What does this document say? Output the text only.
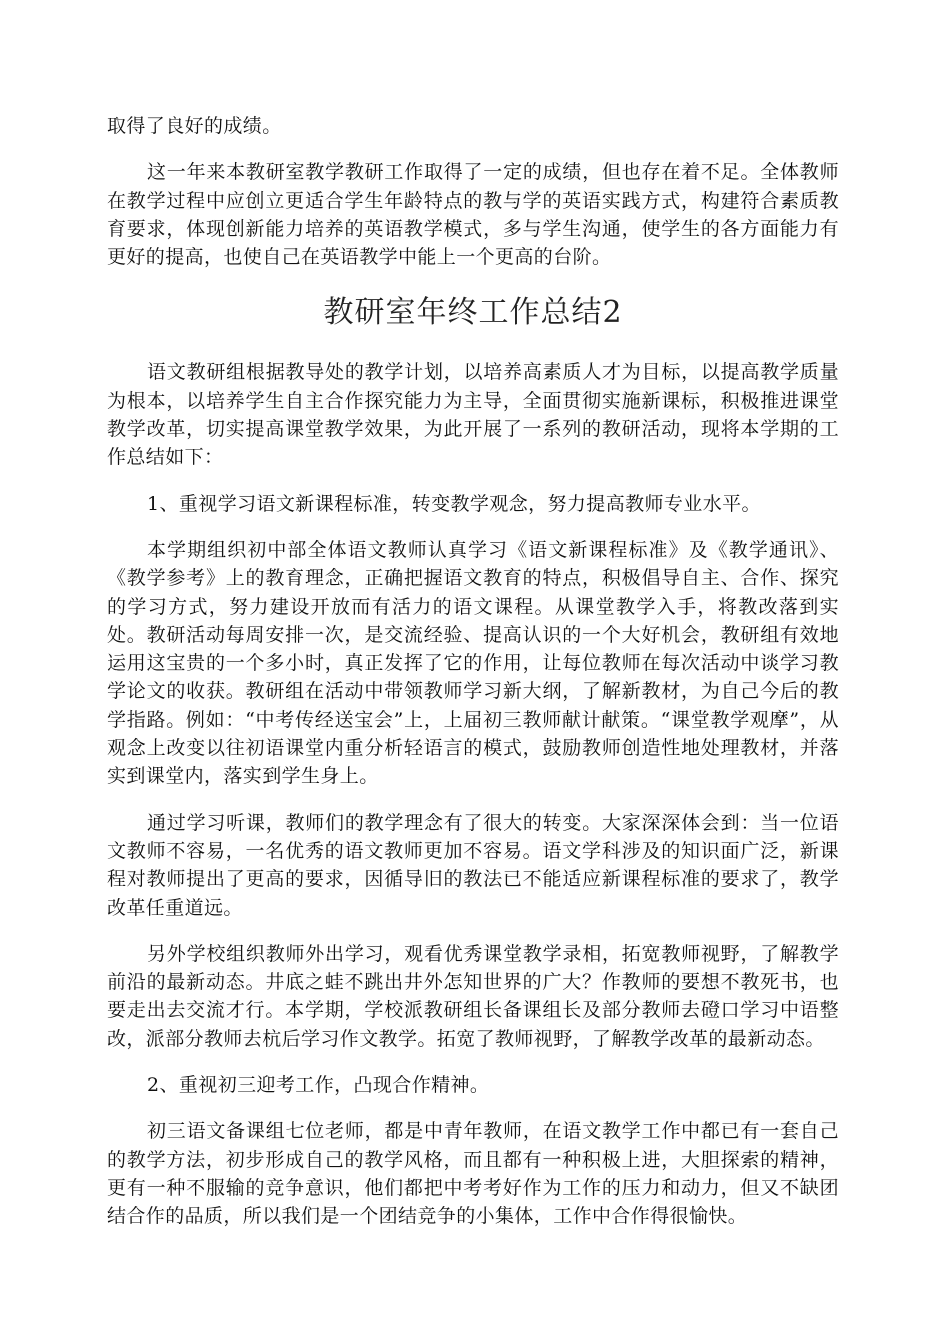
取得了良好的成绩。

这一年来本教研室教学教研工作取得了一定的成绩，但也存在着不足。全体教师在教学过程中应创立更适合学生年龄特点的教与学的英语实践方式，构建符合素质教育要求，体现创新能力培养的英语教学模式，多与学生沟通，使学生的各方面能力有更好的提高，也使自己在英语教学中能上一个更高的台阶。

教研室年终工作总结2

语文教研组根据教导处的教学计划，以培养高素质人才为目标，以提高教学质量为根本，以培养学生自主合作探究能力为主导，全面贯彻实施新课标，积极推进课堂教学改革，切实提高课堂教学效果，为此开展了一系列的教研活动，现将本学期的工作总结如下：

1、重视学习语文新课程标准，转变教学观念，努力提高教师专业水平。

本学期组织初中部全体语文教师认真学习《语文新课程标准》及《教学通讯》、《教学参考》上的教育理念，正确把握语文教育的特点，积极倡导自主、合作、探究的学习方式，努力建设开放而有活力的语文课程。从课堂教学入手，将教改落到实处。教研活动每周安排一次，是交流经验、提高认识的一个大好机会，教研组有效地运用这宝贵的一个多小时，真正发挥了它的作用，让每位教师在每次活动中谈学习教学论文的收获。教研组在活动中带领教师学习新大纲，了解新教材，为自己今后的教学指路。例如：“中考传经送宝会”上，上届初三教师献计献策。“课堂教学观摩”，从观念上改变以往初语课堂内重分析轻语言的模式，鼓励教师创造性地处理教材，并落实到课堂内，落实到学生身上。

通过学习听课，教师们的教学理念有了很大的转变。大家深深体会到：当一位语文教师不容易，一名优秀的语文教师更加不容易。语文学科涉及的知识面广泛，新课程对教师提出了更高的要求，因循导旧的教法已不能适应新课程标准的要求了，教学改革任重道远。

另外学校组织教师外出学习，观看优秀课堂教学录相，拓宽教师视野，了解教学前沿的最新动态。井底之蛙不跳出井外怎知世界的广大？作教师的要想不教死书，也要走出去交流才行。本学期，学校派教研组长备课组长及部分教师去磴口学习中语整改，派部分教师去杭后学习作文教学。拓宽了教师视野，了解教学改革的最新动态。

2、重视初三迎考工作，凸现合作精神。

初三语文备课组七位老师，都是中青年教师，在语文教学工作中都已有一套自己的教学方法，初步形成自己的教学风格，而且都有一种积极上进，大胆探索的精神，更有一种不服输的竞争意识，他们都把中考考好作为工作的压力和动力，但又不缺团结合作的品质，所以我们是一个团结竞争的小集体，工作中合作得很愉快。
